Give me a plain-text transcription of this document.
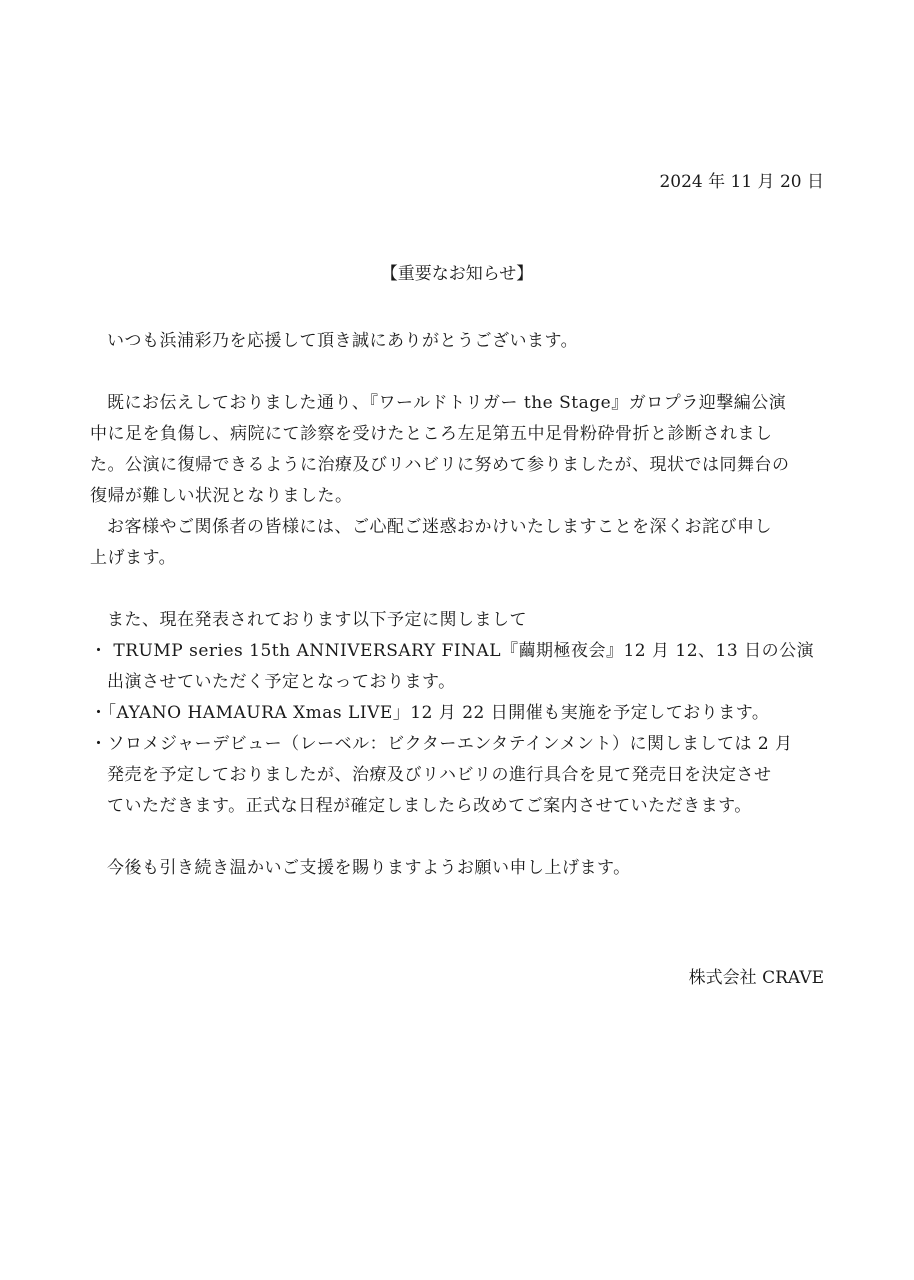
2024 年 11 月 20 日
【重要なお知らせ】

いつも浜浦彩乃を応援して頂き誠にありがとうございます。

既にお伝えしておりました通り、『ワールドトリガー the Stage』ガロプラ迎撃編公演
中に足を負傷し、病院にて診察を受けたところ左足第五中足骨粉砕骨折と診断されまし
た。公演に復帰できるように治療及びリハビリに努めて参りましたが、現状では同舞台の
復帰が難しい状況となりました。

お客様やご関係者の皆様には、ご心配ご迷惑おかけいたしますことを深くお詫び申し
上げます。

また、現在発表されております以下予定に関しまして
・ TRUMP series 15th ANNIVERSARY FINAL『繭期極夜会』12 月 12、13 日の公演
出演させていただく予定となっております。
・「AYANO HAMAURA Xmas LIVE」12 月 22 日開催も実施を予定しております。
・ソロメジャーデビュー（レーベル：ビクターエンタテインメント）に関しましては 2 月
発売を予定しておりましたが、治療及びリハビリの進行具合を見て発売日を決定させ
ていただきます。正式な日程が確定しましたら改めてご案内させていただきます。

今後も引き続き温かいご支援を賜りますようお願い申し上げます。

株式会社 CRAVE
